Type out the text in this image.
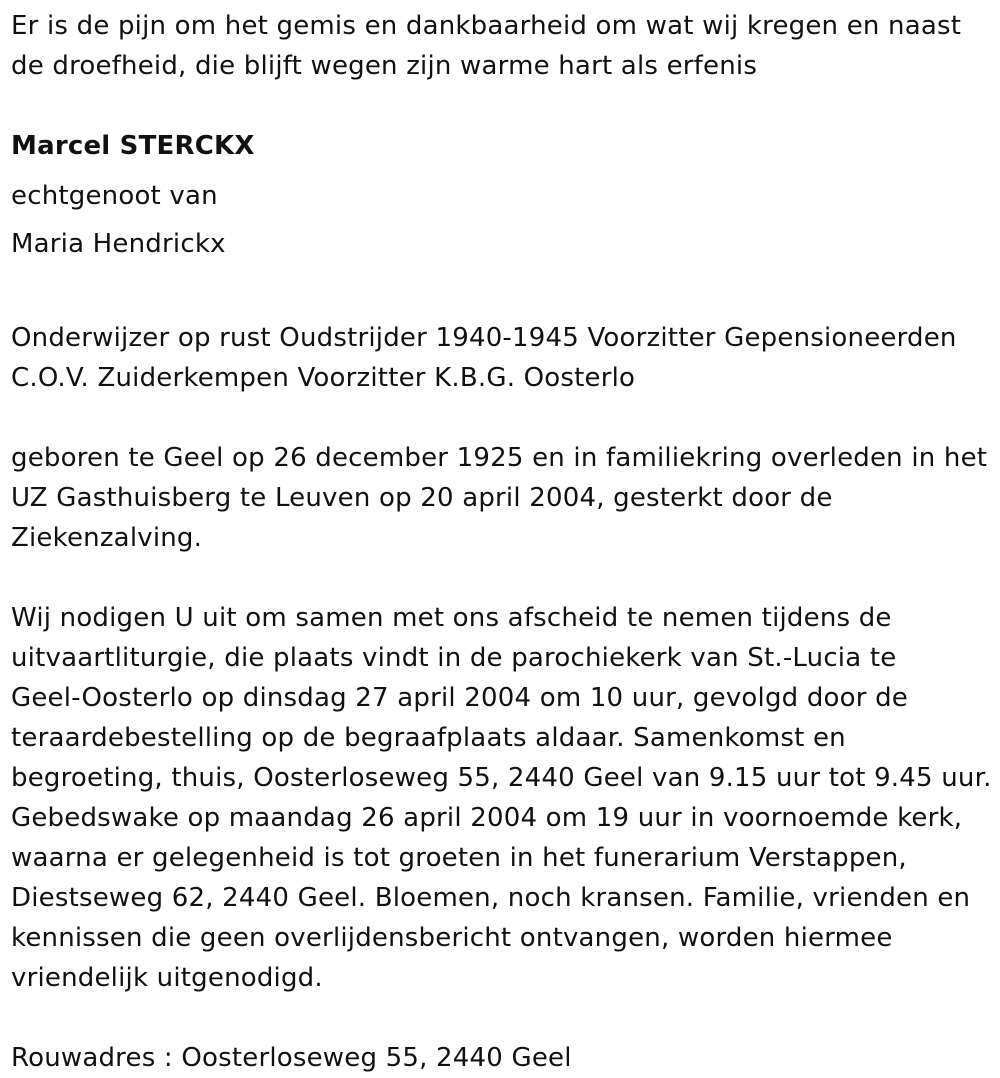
Er is de pijn om het gemis en dankbaarheid om wat wij kregen en naast
de droefheid, die blijft wegen zijn warme hart als erfenis
Marcel STERCKX
echtgenoot van
Maria Hendrickx
Onderwijzer op rust Oudstrijder 1940-1945 Voorzitter Gepensioneerden
C.O.V. Zuiderkempen Voorzitter K.B.G. Oosterlo
geboren te Geel op 26 december 1925 en in familiekring overleden in het
UZ Gasthuisberg te Leuven op 20 april 2004, gesterkt door de
Ziekenzalving.
Wij nodigen U uit om samen met ons afscheid te nemen tijdens de
uitvaartliturgie, die plaats vindt in de parochiekerk van St.-Lucia te
Geel-Oosterlo op dinsdag 27 april 2004 om 10 uur, gevolgd door de
teraardebestelling op de begraafplaats aldaar. Samenkomst en
begroeting, thuis, Oosterloseweg 55, 2440 Geel van 9.15 uur tot 9.45 uur.
Gebedswake op maandag 26 april 2004 om 19 uur in voornoemde kerk,
waarna er gelegenheid is tot groeten in het funerarium Verstappen,
Diestseweg 62, 2440 Geel. Bloemen, noch kransen. Familie, vrienden en
kennissen die geen overlijdensbericht ontvangen, worden hiermee
vriendelijk uitgenodigd.
Rouwadres : Oosterloseweg 55, 2440 Geel
